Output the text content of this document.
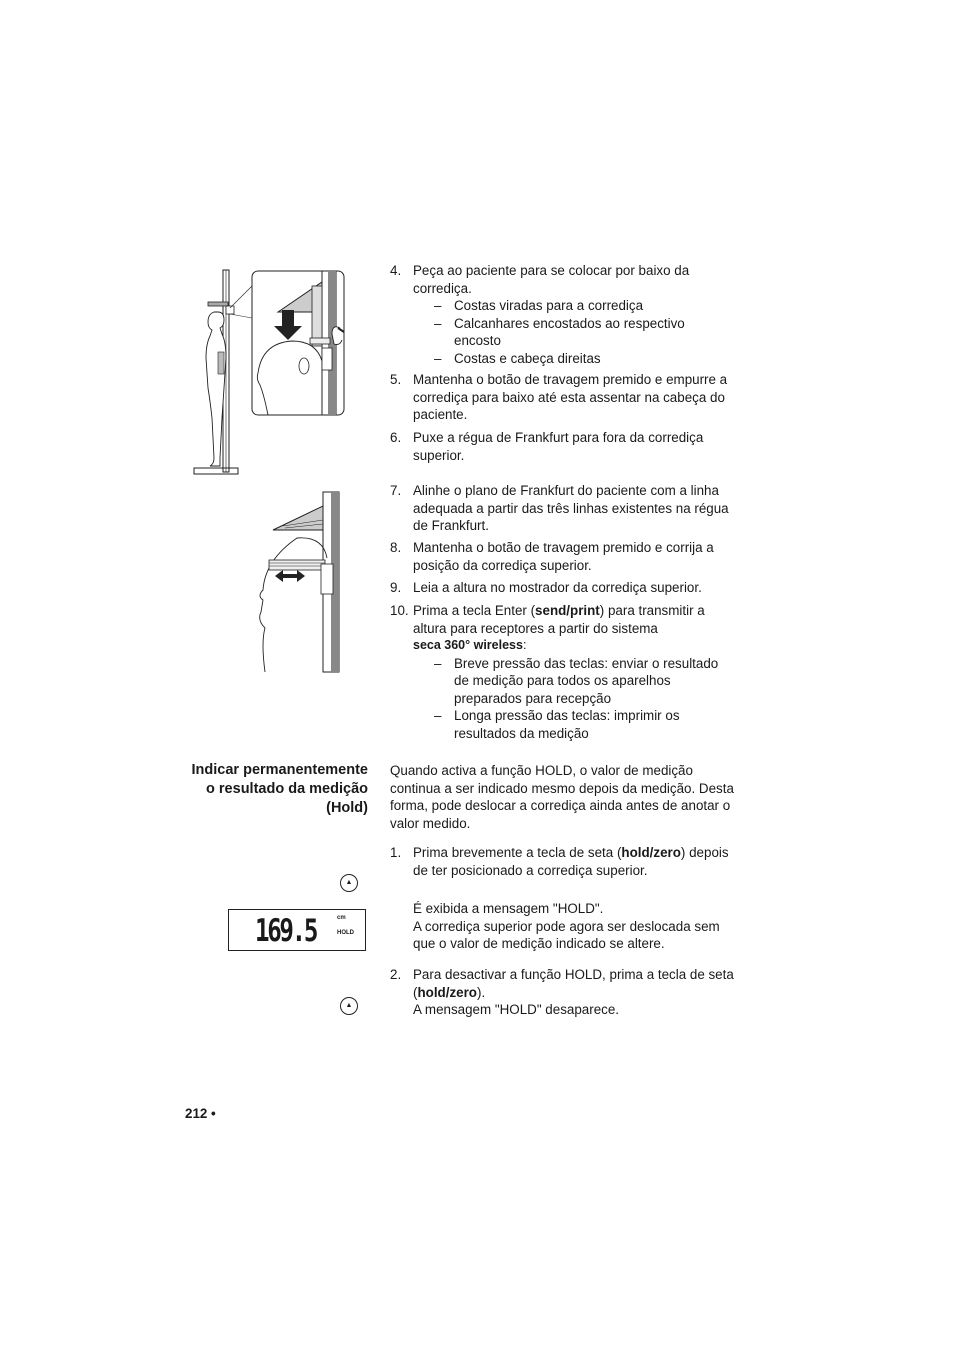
4. Peça ao paciente para se colocar por baixo da corrediça.
– Costas viradas para a corrediça
– Calcanhares encostados ao respectivo encosto
– Costas e cabeça direitas
5. Mantenha o botão de travagem premido e empurre a corrediça para baixo até esta assentar na cabeça do paciente.
6. Puxe a régua de Frankfurt para fora da corrediça superior.
7. Alinhe o plano de Frankfurt do paciente com a linha adequada a partir das três linhas existentes na régua de Frankfurt.
8. Mantenha o botão de travagem premido e corrija a posição da corrediça superior.
9. Leia a altura no mostrador da corrediça superior.
10. Prima a tecla Enter (send/print) para transmitir a altura para receptores a partir do sistema
seca 360° wireless:
– Breve pressão das teclas: enviar o resultado de medição para todos os aparelhos preparados para recepção
– Longa pressão das teclas: imprimir os resultados da medição
Indicar permanentemente o resultado da medição (Hold)
Quando activa a função HOLD, o valor de medição continua a ser indicado mesmo depois da medição. Desta forma, pode deslocar a corrediça ainda antes de anotar o valor medido.
1. Prima brevemente a tecla de seta (hold/zero) depois de ter posicionado a corrediça superior.
É exibida a mensagem "HOLD".
A corrediça superior pode agora ser deslocada sem que o valor de medição indicado se altere.
2. Para desactivar a função HOLD, prima a tecla de seta (hold/zero).
A mensagem "HOLD" desaparece.
▲
▲
169.5	cm
HOLD
212 •
